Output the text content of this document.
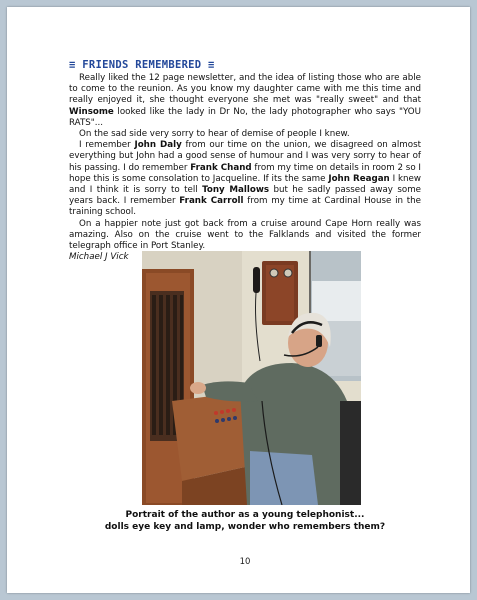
≡ FRIENDS REMEMBERED ≡

Really liked the 12 page newsletter, and the idea of listing those who are able to come to the reunion. As you know my daughter came with me this time and really enjoyed it, she thought everyone she met was "really sweet" and that Winsome looked like the lady in Dr No, the lady photographer who says "YOU RATS"...

On the sad side very sorry to hear of demise of people I knew.

I remember John Daly from our time on the union, we disagreed on almost everything but John had a good sense of humour and I was very sorry to hear of his passing. I do remember Frank Chand from my time on details in room 2 so I hope this is some consolation to Jacqueline. If its the same John Reagan I knew and I think it is sorry to tell Tony Mallows but he sadly passed away some years back. I remember Frank Carroll from my time at Cardinal House in the training school.

On a happier note just got back from a cruise around Cape Horn really was amazing. Also on the cruise went to the Falklands and visited the former telegraph office in Port Stanley.

Michael J Vick

Portrait of the author as a young telephonist...
dolls eye key and lamp, wonder who remembers them?
10
